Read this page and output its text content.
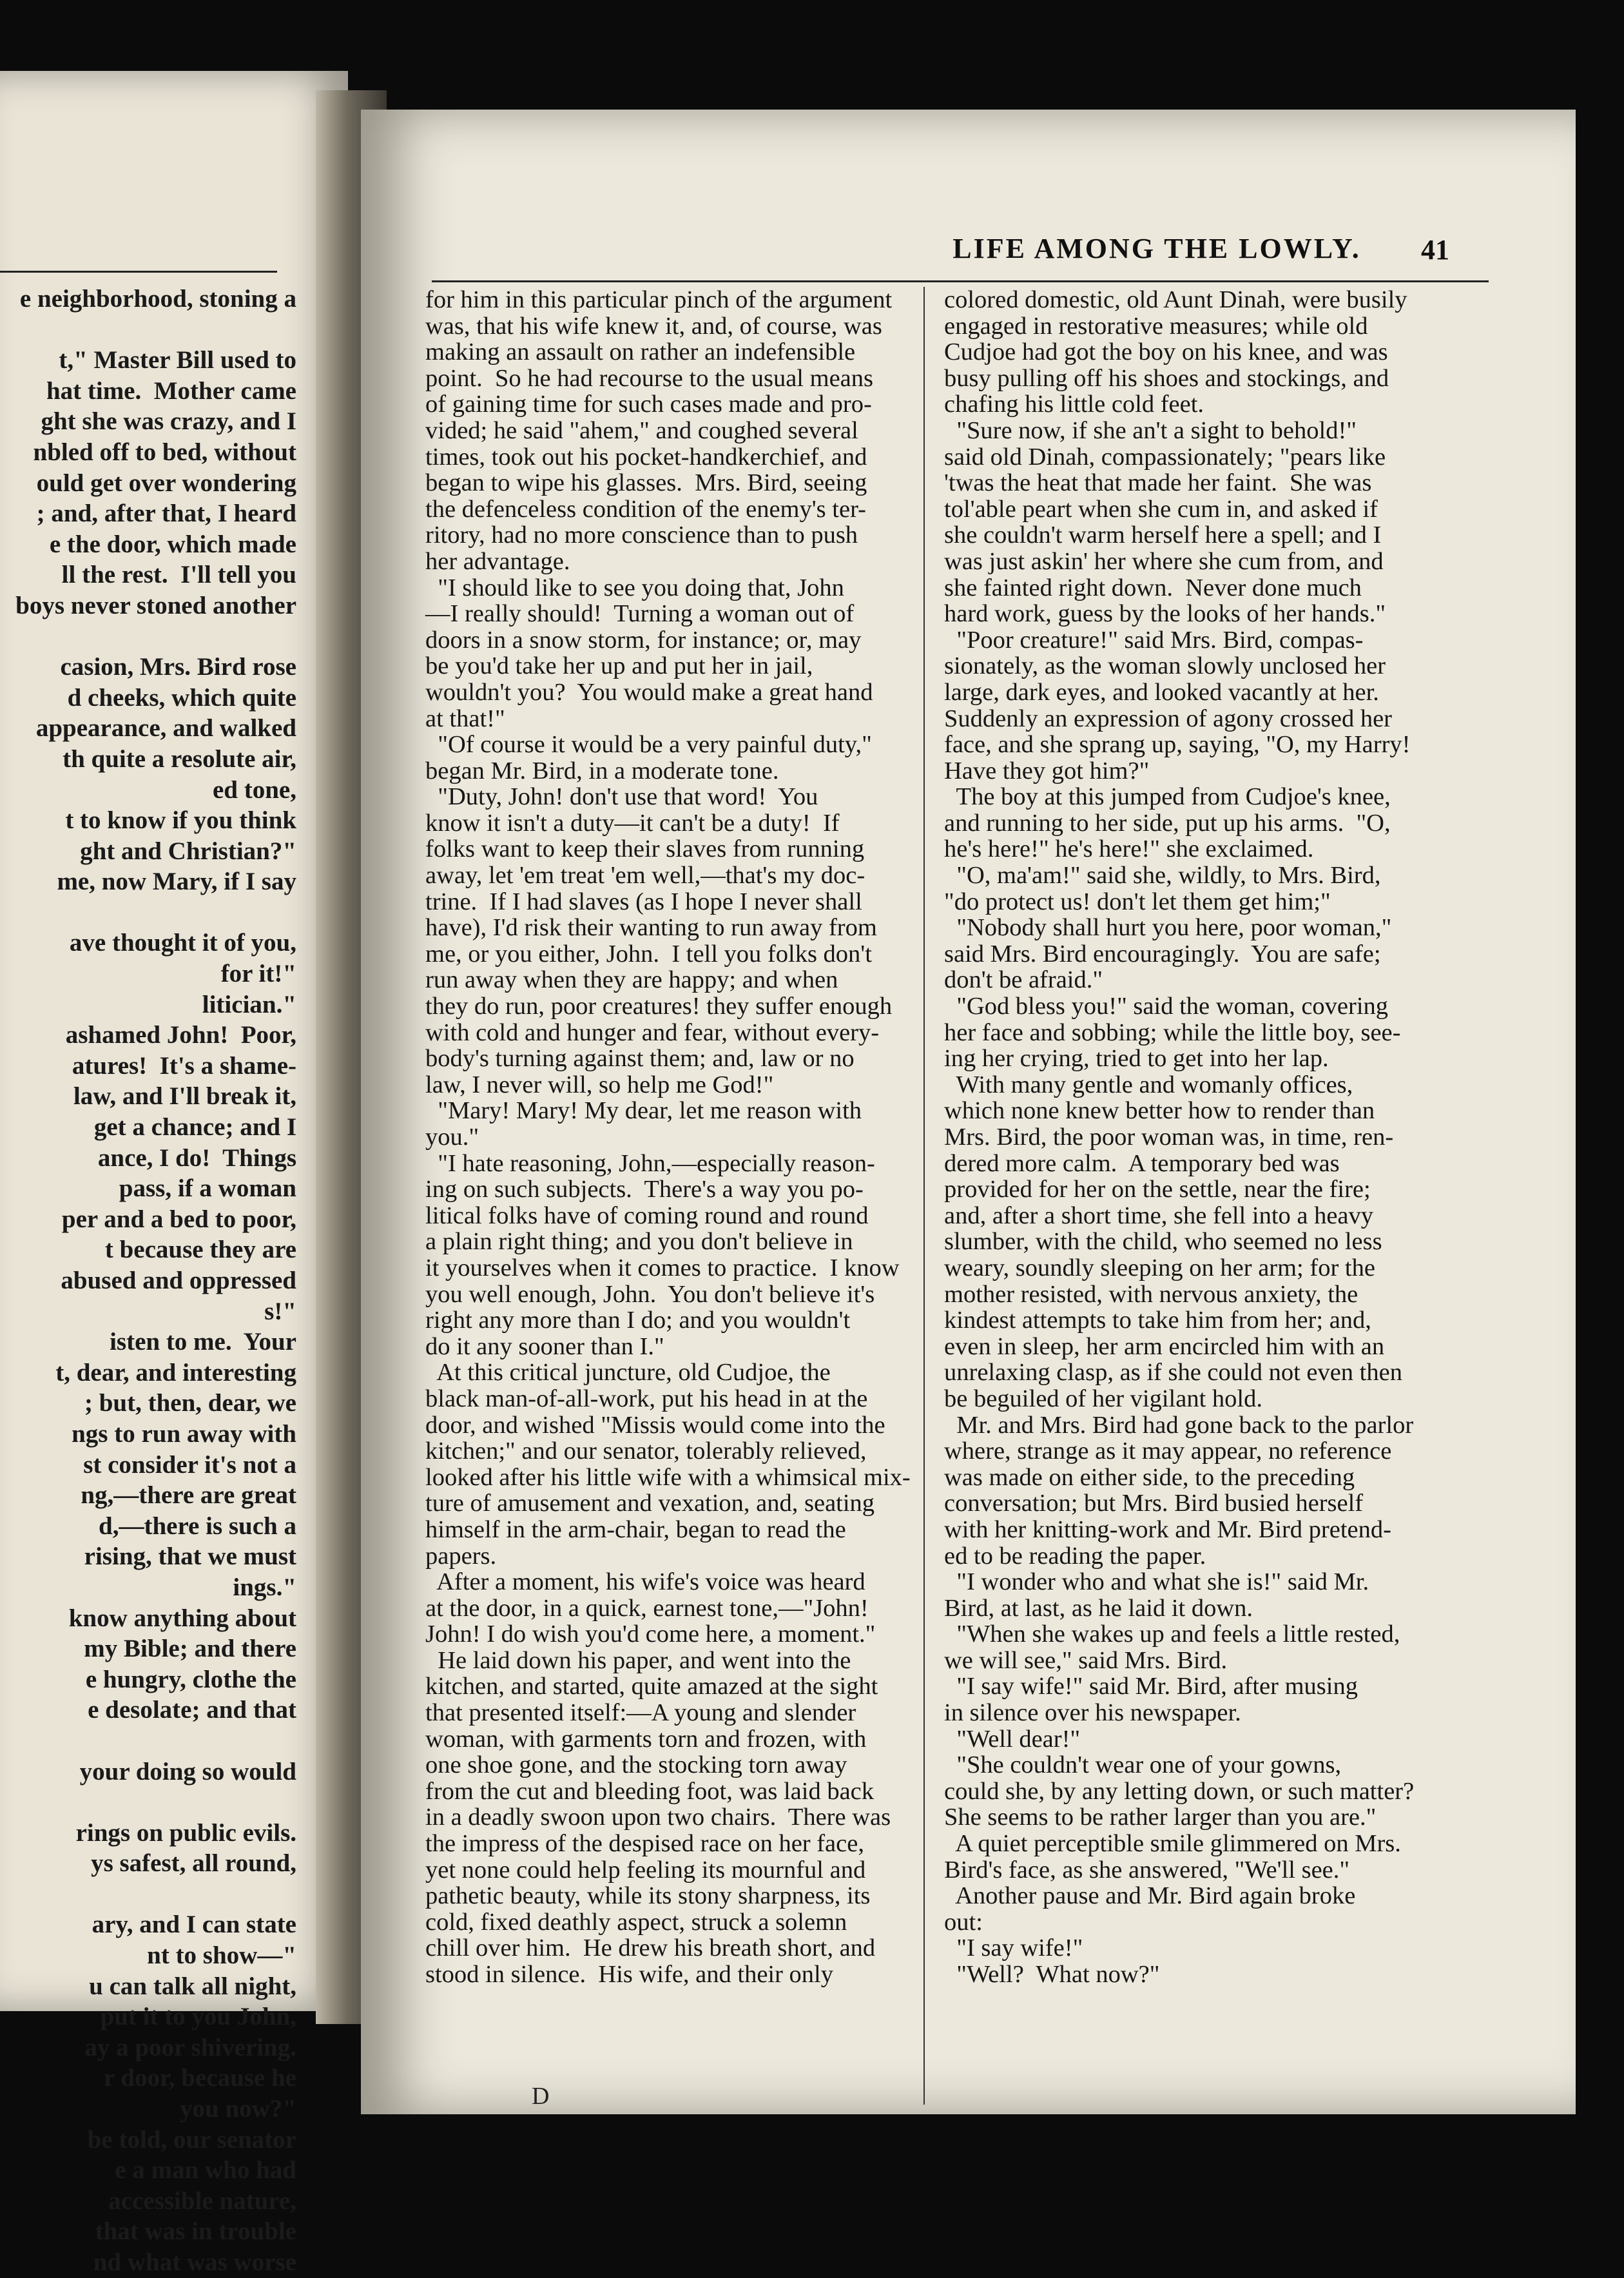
e neighborhood, stoning a

t," Master Bill used to
hat time.  Mother came
ght she was crazy, and I
nbled off to bed, without
ould get over wondering
; and, after that, I heard
e the door, which made
ll the rest.  I'll tell you
boys never stoned another

casion, Mrs. Bird rose
d cheeks, which quite
appearance, and walked
th quite a resolute air,
ed tone,
t to know if you think
ght and Christian?"
me, now Mary, if I say

ave thought it of you,
for it!"
litician."
ashamed John!  Poor,
atures!  It's a shame-
law, and I'll break it,
get a chance; and I
ance, I do!  Things
pass, if a woman
per and a bed to poor,
t because they are
abused and oppressed
s!"
isten to me.  Your
t, dear, and interesting
; but, then, dear, we
ngs to run away with
st consider it's not a
ng,—there are great
d,—there is such a
rising, that we must
ings."
know anything about
my Bible; and there
e hungry, clothe the
e desolate; and that

your doing so would

rings on public evils.
ys safest, all round,

ary, and I can state
nt to show—"
u can talk all night,
put it to you John,
ay a poor shivering.
r door, because he
you now?"
be told, our senator
e a man who had
accessible nature,
that was in trouble
nd what was worse
LIFE AMONG THE LOWLY.	41
for him in this particular pinch of the argument
was, that his wife knew it, and, of course, was
making an assault on rather an indefensible
point.  So he had recourse to the usual means
of gaining time for such cases made and pro-
vided; he said "ahem," and coughed several
times, took out his pocket-handkerchief, and
began to wipe his glasses.  Mrs. Bird, seeing
the defenceless condition of the enemy's ter-
ritory, had no more conscience than to push
her advantage.
"I should like to see you doing that, John
—I really should!  Turning a woman out of
doors in a snow storm, for instance; or, may
be you'd take her up and put her in jail,
wouldn't you?  You would make a great hand
at that!"
"Of course it would be a very painful duty,"
began Mr. Bird, in a moderate tone.
"Duty, John! don't use that word!  You
know it isn't a duty—it can't be a duty!  If
folks want to keep their slaves from running
away, let 'em treat 'em well,—that's my doc-
trine.  If I had slaves (as I hope I never shall
have), I'd risk their wanting to run away from
me, or you either, John.  I tell you folks don't
run away when they are happy; and when
they do run, poor creatures! they suffer enough
with cold and hunger and fear, without every-
body's turning against them; and, law or no
law, I never will, so help me God!"
"Mary! Mary! My dear, let me reason with
you."
"I hate reasoning, John,—especially reason-
ing on such subjects.  There's a way you po-
litical folks have of coming round and round
a plain right thing; and you don't believe in
it yourselves when it comes to practice.  I know
you well enough, John.  You don't believe it's
right any more than I do; and you wouldn't
do it any sooner than I."
At this critical juncture, old Cudjoe, the
black man-of-all-work, put his head in at the
door, and wished "Missis would come into the
kitchen;" and our senator, tolerably relieved,
looked after his little wife with a whimsical mix-
ture of amusement and vexation, and, seating
himself in the arm-chair, began to read the
papers.
After a moment, his wife's voice was heard
at the door, in a quick, earnest tone,—"John!
John! I do wish you'd come here, a moment."
He laid down his paper, and went into the
kitchen, and started, quite amazed at the sight
that presented itself:—A young and slender
woman, with garments torn and frozen, with
one shoe gone, and the stocking torn away
from the cut and bleeding foot, was laid back
in a deadly swoon upon two chairs.  There was
the impress of the despised race on her face,
yet none could help feeling its mournful and
pathetic beauty, while its stony sharpness, its
cold, fixed deathly aspect, struck a solemn
chill over him.  He drew his breath short, and
stood in silence.  His wife, and their only
colored domestic, old Aunt Dinah, were busily
engaged in restorative measures; while old
Cudjoe had got the boy on his knee, and was
busy pulling off his shoes and stockings, and
chafing his little cold feet.
"Sure now, if she an't a sight to behold!"
said old Dinah, compassionately; "pears like
'twas the heat that made her faint.  She was
tol'able peart when she cum in, and asked if
she couldn't warm herself here a spell; and I
was just askin' her where she cum from, and
she fainted right down.  Never done much
hard work, guess by the looks of her hands."
"Poor creature!" said Mrs. Bird, compas-
sionately, as the woman slowly unclosed her
large, dark eyes, and looked vacantly at her.
Suddenly an expression of agony crossed her
face, and she sprang up, saying, "O, my Harry!
Have they got him?"
The boy at this jumped from Cudjoe's knee,
and running to her side, put up his arms.  "O,
he's here!" he's here!" she exclaimed.
"O, ma'am!" said she, wildly, to Mrs. Bird,
"do protect us! don't let them get him;"
"Nobody shall hurt you here, poor woman,"
said Mrs. Bird encouragingly.  You are safe;
don't be afraid."
"God bless you!" said the woman, covering
her face and sobbing; while the little boy, see-
ing her crying, tried to get into her lap.
With many gentle and womanly offices,
which none knew better how to render than
Mrs. Bird, the poor woman was, in time, ren-
dered more calm.  A temporary bed was
provided for her on the settle, near the fire;
and, after a short time, she fell into a heavy
slumber, with the child, who seemed no less
weary, soundly sleeping on her arm; for the
mother resisted, with nervous anxiety, the
kindest attempts to take him from her; and,
even in sleep, her arm encircled him with an
unrelaxing clasp, as if she could not even then
be beguiled of her vigilant hold.
Mr. and Mrs. Bird had gone back to the parlor
where, strange as it may appear, no reference
was made on either side, to the preceding
conversation; but Mrs. Bird busied herself
with her knitting-work and Mr. Bird pretend-
ed to be reading the paper.
"I wonder who and what she is!" said Mr.
Bird, at last, as he laid it down.
"When she wakes up and feels a little rested,
we will see," said Mrs. Bird.
"I say wife!" said Mr. Bird, after musing
in silence over his newspaper.
"Well dear!"
"She couldn't wear one of your gowns,
could she, by any letting down, or such matter?
She seems to be rather larger than you are."
A quiet perceptible smile glimmered on Mrs.
Bird's face, as she answered, "We'll see."
Another pause and Mr. Bird again broke
out:
"I say wife!"
"Well?  What now?"
D
